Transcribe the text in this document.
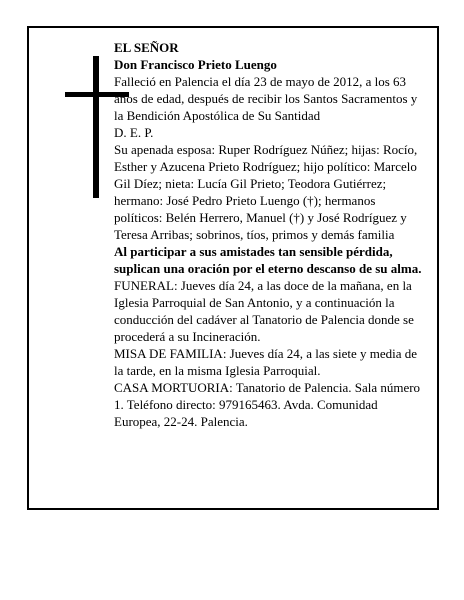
EL SEÑOR

Don Francisco Prieto Luengo

Falleció en Palencia el día 23 de mayo de 2012, a los 63 años de edad, después de recibir los Santos Sacramentos y la Bendición Apostólica de Su Santidad

D. E. P.

Su apenada esposa: Ruper Rodríguez Núñez; hijas: Rocío, Esther y Azucena Prieto Rodríguez; hijo político: Marcelo Gil Díez; nieta: Lucía Gil Prieto; Teodora Gutiérrez; hermano: José Pedro Prieto Luengo (†); hermanos políticos: Belén Herrero, Manuel (†) y José Rodríguez y Teresa Arribas; sobrinos, tíos, primos y demás familia

Al participar a sus amistades tan sensible pérdida, suplican una oración por el eterno descanso de su alma.

FUNERAL: Jueves día 24, a las doce de la mañana, en la Iglesia Parroquial de San Antonio, y a continuación la conducción del cadáver al Tanatorio de Palencia donde se procederá a su Incineración.

MISA DE FAMILIA: Jueves día 24, a las siete y media de la tarde, en la misma Iglesia Parroquial.

CASA MORTUORIA: Tanatorio de Palencia. Sala número 1. Teléfono directo: 979165463. Avda. Comunidad Europea, 22-24. Palencia.
